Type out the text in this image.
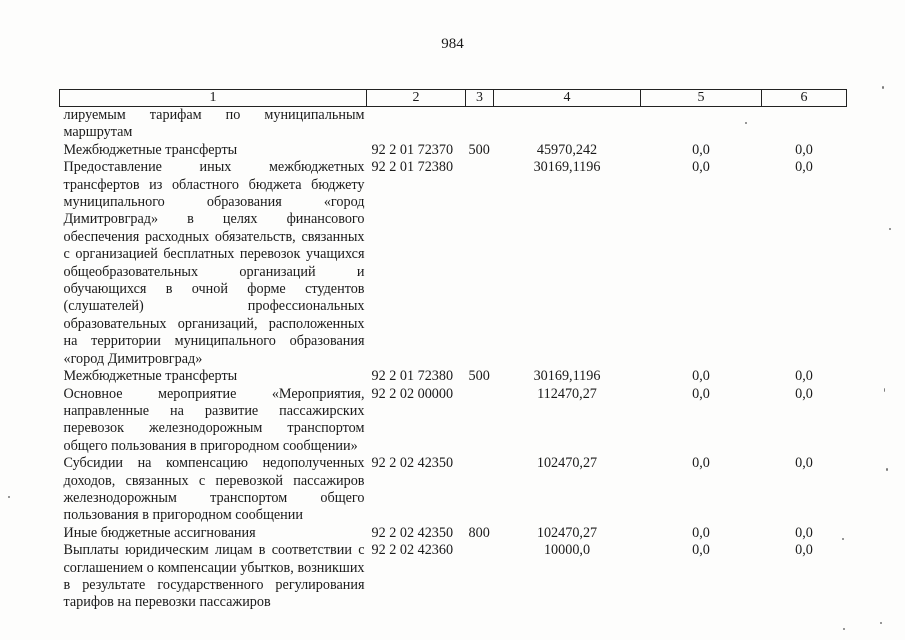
984
1	2	3	4	5	6
лируемым тарифам по муниципальным маршрутам					
Межбюджетные трансферты	92 2 01 72370	500	45970,242	0,0	0,0
Предоставление иных межбюджетных трансфертов из областного бюджета бюджету муниципального образования «город Димитровград» в целях финансового обеспечения расходных обязательств, связанных с организацией бесплатных перевозок учащихся общеобразовательных организаций и обучающихся в очной форме студентов (слушателей) профессиональных образовательных организаций, расположенных на территории муниципального образования «город Димитровград»	92 2 01 72380		30169,1196	0,0	0,0
Межбюджетные трансферты	92 2 01 72380	500	30169,1196	0,0	0,0
Основное мероприятие «Мероприятия, направленные на развитие пассажирских перевозок железнодорожным транспортом общего пользования в пригородном сообщении»	92 2 02 00000		112470,27	0,0	0,0
Субсидии на компенсацию недополученных доходов, связанных с перевозкой пассажиров железнодорожным транспортом общего пользования в пригородном сообщении	92 2 02 42350		102470,27	0,0	0,0
Иные бюджетные ассигнования	92 2 02 42350	800	102470,27	0,0	0,0
Выплаты юридическим лицам в соответствии с соглашением о компенсации убытков, возникших в результате государственного регулирования тарифов на перевозки пассажиров	92 2 02 42360		10000,0	0,0	0,0
